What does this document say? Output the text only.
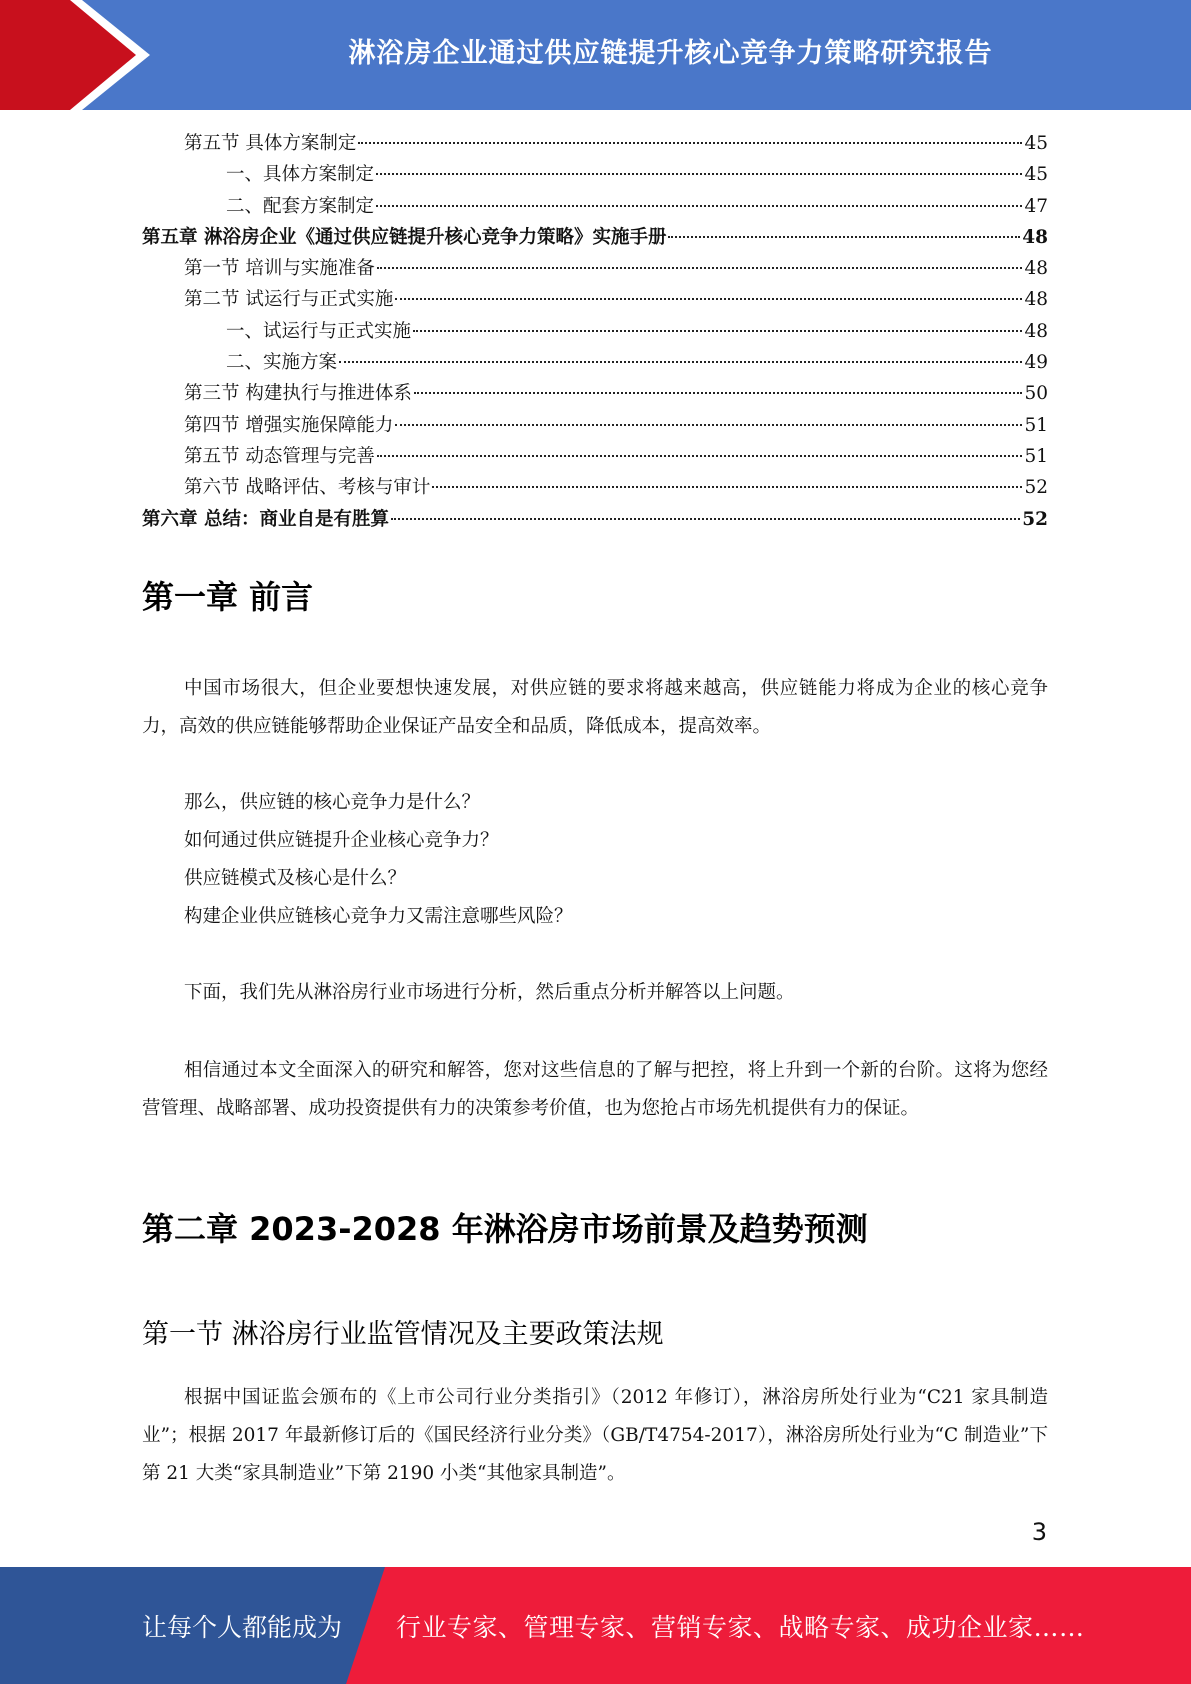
淋浴房企业通过供应链提升核心竞争力策略研究报告
第五节 具体方案制定	45
一、具体方案制定	45
二、配套方案制定	47
第五章 淋浴房企业《通过供应链提升核心竞争力策略》实施手册	48
第一节 培训与实施准备	48
第二节 试运行与正式实施	48
一、试运行与正式实施	48
二、实施方案	49
第三节 构建执行与推进体系	50
第四节 增强实施保障能力	51
第五节 动态管理与完善	51
第六节 战略评估、考核与审计	52
第六章 总结：商业自是有胜算	52
第一章 前言
中国市场很大，但企业要想快速发展，对供应链的要求将越来越高，供应链能力将成为企业的核心竞争力，高效的供应链能够帮助企业保证产品安全和品质，降低成本，提高效率。
那么，供应链的核心竞争力是什么？
如何通过供应链提升企业核心竞争力？
供应链模式及核心是什么？
构建企业供应链核心竞争力又需注意哪些风险？
下面，我们先从淋浴房行业市场进行分析，然后重点分析并解答以上问题。
相信通过本文全面深入的研究和解答，您对这些信息的了解与把控，将上升到一个新的台阶。这将为您经营管理、战略部署、成功投资提供有力的决策参考价值，也为您抢占市场先机提供有力的保证。
第二章 2023-2028 年淋浴房市场前景及趋势预测
第一节 淋浴房行业监管情况及主要政策法规
根据中国证监会颁布的《上市公司行业分类指引》（2012 年修订），淋浴房所处行业为“C21 家具制造业”；根据 2017 年最新修订后的《国民经济行业分类》（GB/T4754-2017），淋浴房所处行业为“C 制造业”下第 21 大类“家具制造业”下第 2190 小类“其他家具制造”。
3
让每个人都能成为 行业专家、管理专家、营销专家、战略专家、成功企业家……
